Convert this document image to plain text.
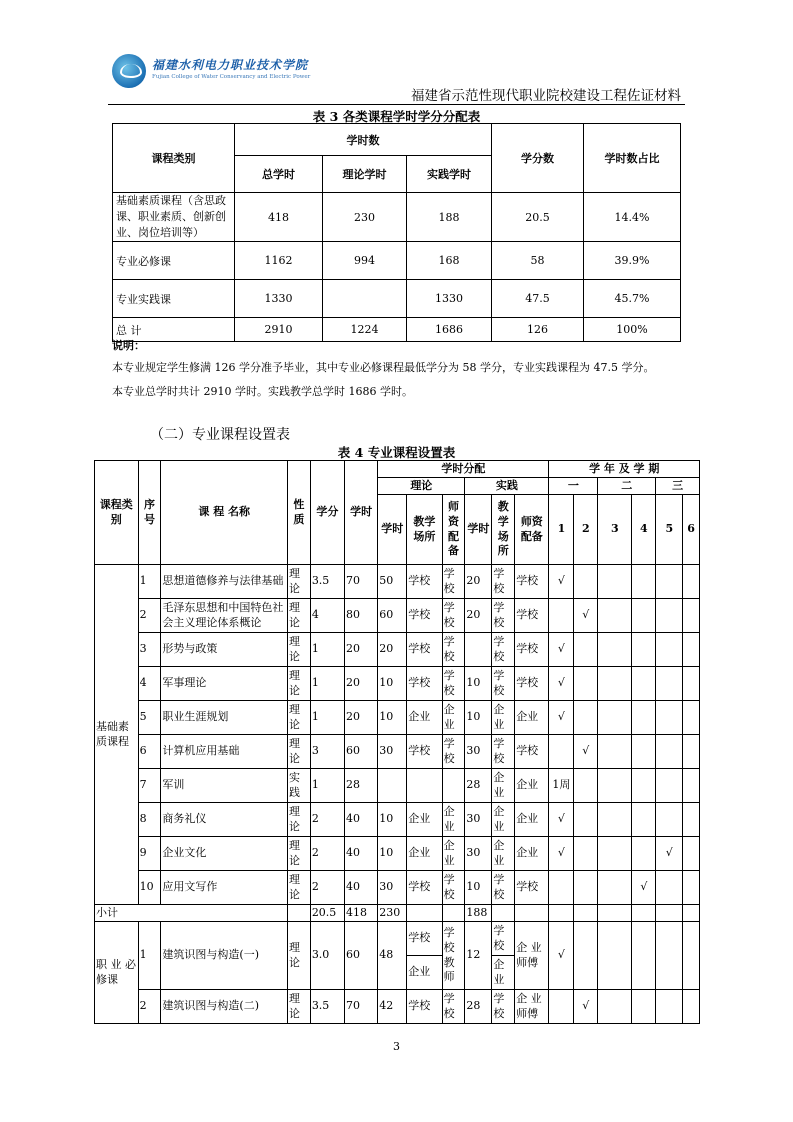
福建水利电力职业技术学院
Fujian College of Water Conservancy and Electric Power
福建省示范性现代职业院校建设工程佐证材料
表 3 各类课程学时学分分配表
课程类别	学时数			学分数	学时数占比
	总学时	理论学时	实践学时		
基础素质课程（含思政课、职业素质、创新创业、岗位培训等）	418	230	188	20.5	14.4%
专业必修课	1162	994	168	58	39.9%
专业实践课	1330		1330	47.5	45.7%
总 计	2910	1224	1686	126	100%
说明：
本专业规定学生修满 126 学分准予毕业，其中专业必修课程最低学分为 58 学分，专业实践课程为 47.5 学分。
本专业总学时共计 2910 学时。实践教学总学时 1686 学时。
（二）专业课程设置表
表 4 专业课程设置表
课程类别	序号	课 程 名称	性质	学分	学时	学时分配						学 年 及 学 期					
						理论			实践			一		二		三	
						学时	教学场所	师资配备	学时	教学场所	师资配备	1	2	3	4	5	6
基础素质课程	1	思想道德修养与法律基础	理论	3.5	70	50	学校	学校	20	学校	学校	√					
	2	毛泽东思想和中国特色社会主义理论体系概论	理论	4	80	60	学校	学校	20	学校	学校		√				
	3	形势与政策	理论	1	20	20	学校	学校		学校	学校	√					
	4	军事理论	理论	1	20	10	学校	学校	10	学校	学校	√					
	5	职业生涯规划	理论	1	20	10	企业	企业	10	企业	企业	√					
	6	计算机应用基础	理论	3	60	30	学校	学校	30	学校	学校		√				
	7	军训	实践	1	28				28	企业	企业	1周					
	8	商务礼仪	理论	2	40	10	企业	企业	30	企业	企业	√					
	9	企业文化	理论	2	40	10	企业	企业	30	企业	企业	√				√	
	10	应用文写作	理论	2	40	30	学校	学校	10	学校	学校				√		
小计				20.5	418	230			188								
职 业 必修课	1	建筑识图与构造(一)	理论	3.0	60	48	学校	学校教师	12	学校	企 业师傅	√					
							企业			企业							
	2	建筑识图与构造(二)	理论	3.5	70	42	学校	学校	28	学校	企 业师傅		√				
3
